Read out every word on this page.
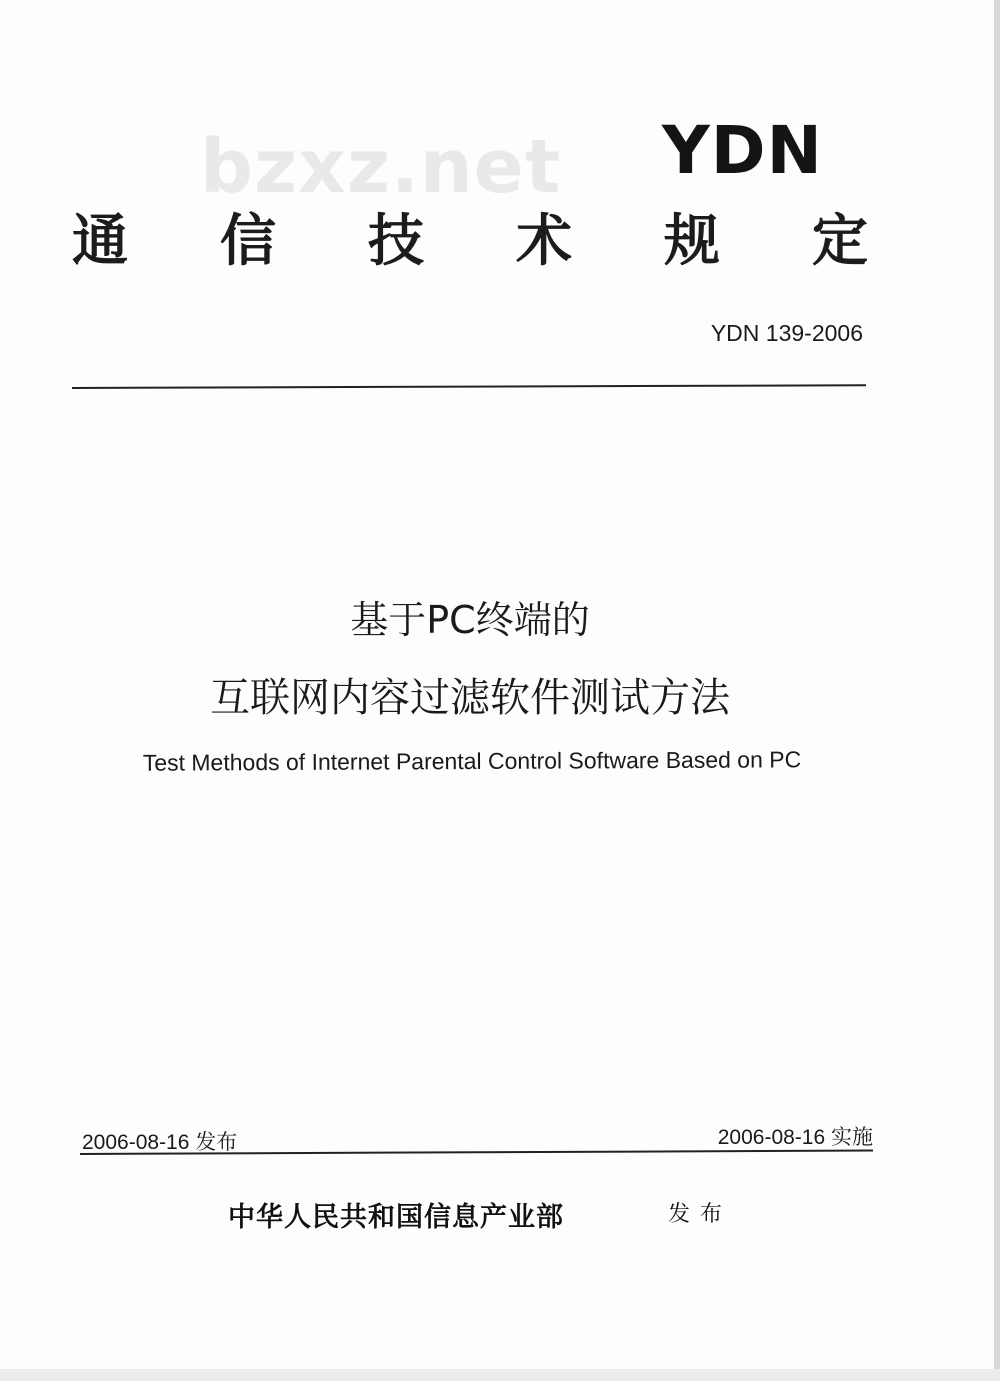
bzxz.net YDN
通 信 技 术 规 定
YDN 139-2006
基于PC终端的
互联网内容过滤软件测试方法
Test Methods of Internet Parental Control Software Based on PC
2006-08-16 发布	2006-08-16 实施
中华人民共和国信息产业部	发布
